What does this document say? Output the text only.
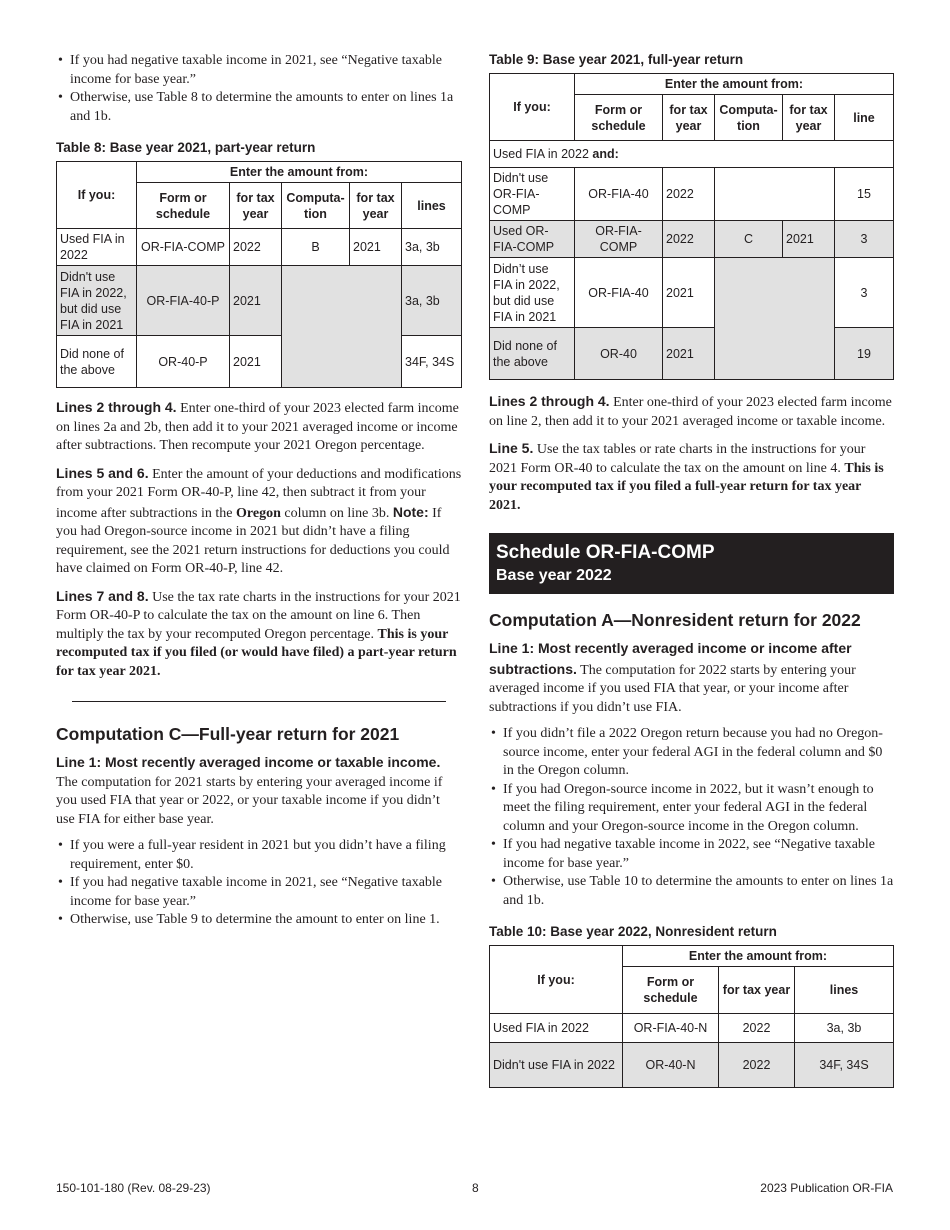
• If you had negative taxable income in 2021, see “Negative taxable income for base year.”
• Otherwise, use Table 8 to determine the amounts to enter on lines 1a and 1b.
Table 8: Base year 2021, part-year return
If you:	Enter the amount from:				
	Form or schedule	for tax year	Computa-tion	for tax year	lines
Used FIA in 2022	OR-FIA-COMP	2022	B	2021	3a, 3b
Didn't use FIA in 2022, but did use FIA in 2021	OR-FIA-40-P	2021			3a, 3b
Did none of the above	OR-40-P	2021			34F, 34S

Lines 2 through 4. Enter one-third of your 2023 elected farm income on lines 2a and 2b, then add it to your 2021 averaged income or income after subtractions. Then recompute your 2021 Oregon percentage.

Lines 5 and 6. Enter the amount of your deductions and modifications from your 2021 Form OR-40-P, line 42, then subtract it from your income after subtractions in the Oregon column on line 3b. Note: If you had Oregon-source income in 2021 but didn’t have a filing requirement, see the 2021 return instructions for deductions you could have claimed on Form OR-40-P, line 42.

Lines 7 and 8. Use the tax rate charts in the instructions for your 2021 Form OR-40-P to calculate the tax on the amount on line 6. Then multiply the tax by your recomputed Oregon percentage. This is your recomputed tax if you filed (or would have filed) a part-year return for tax year 2021.

Computation C—Full-year return for 2021

Line 1: Most recently averaged income or taxable income. The computation for 2021 starts by entering your averaged income if you used FIA that year or 2022, or your taxable income if you didn’t use FIA for either base year.

• If you were a full-year resident in 2021 but you didn’t have a filing requirement, enter $0.
• If you had negative taxable income in 2021, see “Negative taxable income for base year.”
• Otherwise, use Table 9 to determine the amount to enter on line 1.
Table 9: Base year 2021, full-year return
If you:	Enter the amount from:				
	Form or schedule	for tax year	Computa-tion	for tax year	line
Used FIA in 2022 and:					
Didn't use OR-FIA-COMP	OR-FIA-40	2022			15
Used OR-FIA-COMP	OR-FIA-COMP	2022	C	2021	3
Didn’t use FIA in 2022, but did use FIA in 2021	OR-FIA-40	2021			3
Did none of the above	OR-40	2021			19

Lines 2 through 4. Enter one-third of your 2023 elected farm income on line 2, then add it to your 2021 averaged income or taxable income.

Line 5. Use the tax tables or rate charts in the instructions for your 2021 Form OR-40 to calculate the tax on the amount on line 4. This is your recomputed tax if you filed a full-year return for tax year 2021.

Schedule OR-FIA-COMP
Base year 2022
Computation A—Nonresident return for 2022

Line 1: Most recently averaged income or income after subtractions. The computation for 2022 starts by entering your averaged income if you used FIA that year, or your income after subtractions if you didn’t use FIA.

• If you didn’t file a 2022 Oregon return because you had no Oregon-source income, enter your federal AGI in the federal column and $0 in the Oregon column.
• If you had Oregon-source income in 2022, but it wasn’t enough to meet the filing requirement, enter your federal AGI in the federal column and your Oregon-source income in the Oregon column.
• If you had negative taxable income in 2022, see “Negative taxable income for base year.”
• Otherwise, use Table 10 to determine the amounts to enter on lines 1a and 1b.
Table 10: Base year 2022, Nonresident return
If you:	Enter the amount from:		
	Form or schedule	for tax year	lines
Used FIA in 2022	OR-FIA-40-N	2022	3a, 3b
Didn't use FIA in 2022	OR-40-N	2022	34F, 34S
150-101-180 (Rev. 08-29-23)	8	2023 Publication OR-FIA
